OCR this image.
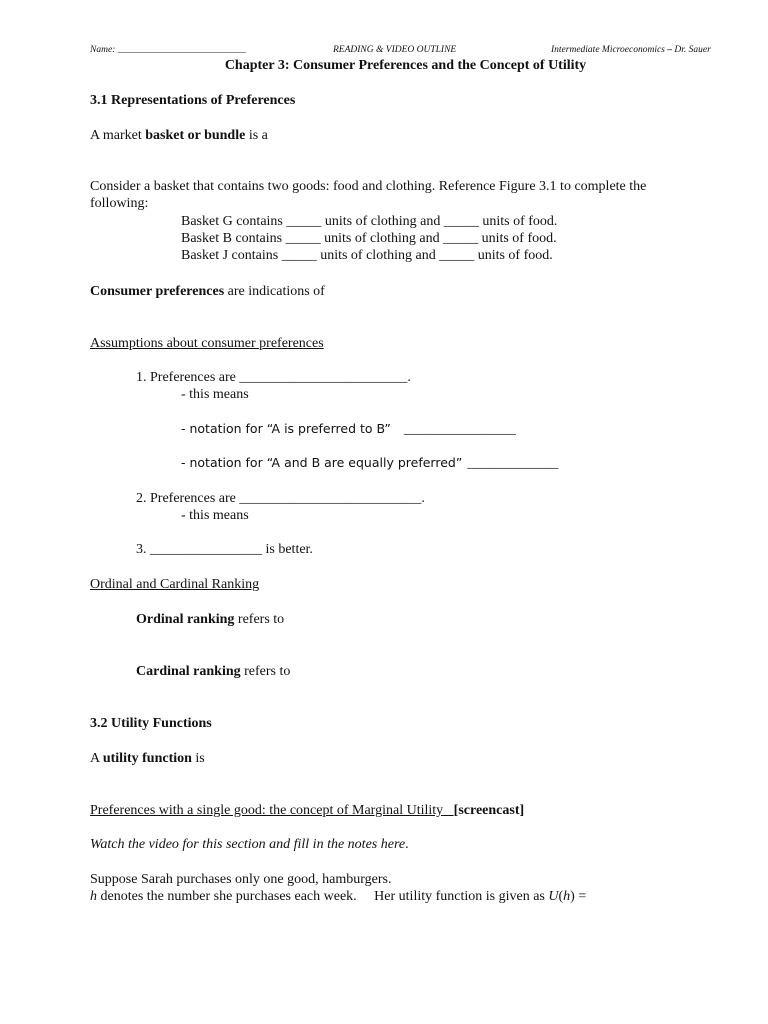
Name: ___________________________	READING & VIDEO OUTLINE	Intermediate Microeconomics – Dr. Sauer
Chapter 3: Consumer Preferences and the Concept of Utility
3.1 Representations of Preferences
A market basket or bundle is a
Consider a basket that contains two goods: food and clothing. Reference Figure 3.1 to complete the
following:
Basket G contains _____ units of clothing and _____ units of food.
Basket B contains _____ units of clothing and _____ units of food.
Basket J contains _____ units of clothing and _____ units of food.
Consumer preferences are indications of
Assumptions about consumer preferences
1. Preferences are ________________________.
- this means
- notation for “A is preferred to B” ________________
- notation for “A and B are equally preferred” _____________
2. Preferences are __________________________.
- this means
3. ________________ is better.
Ordinal and Cardinal Ranking
Ordinal ranking refers to
Cardinal ranking refers to
3.2 Utility Functions
A utility function is
Preferences with a single good: the concept of Marginal Utility [screencast]
Watch the video for this section and fill in the notes here.
Suppose Sarah purchases only one good, hamburgers.
h denotes the number she purchases each week.     Her utility function is given as U(h) =
